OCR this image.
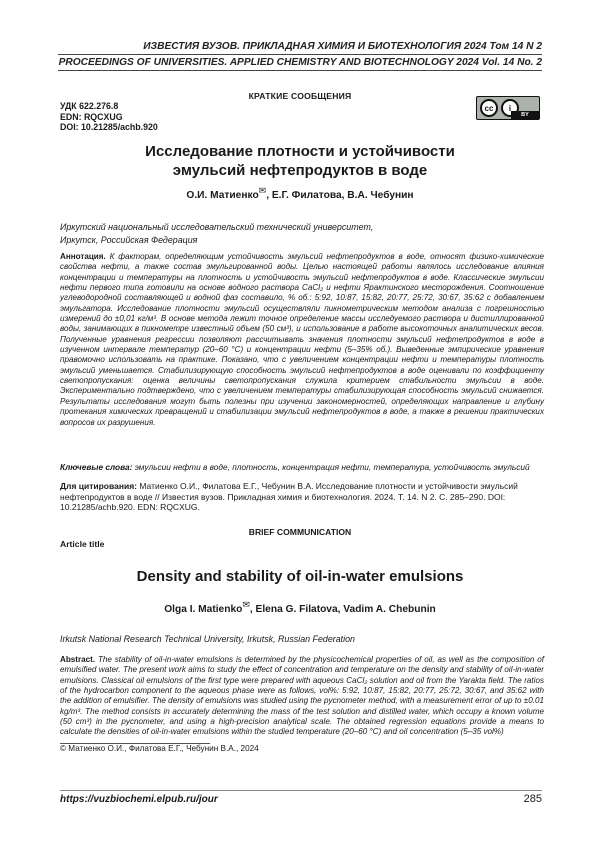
ИЗВЕСТИЯ ВУЗОВ. ПРИКЛАДНАЯ ХИМИЯ И БИОТЕХНОЛОГИЯ 2024 Том 14 N 2
PROCEEDINGS OF UNIVERSITIES. APPLIED CHEMISTRY AND BIOTECHNOLOGY 2024 Vol. 14 No. 2
КРАТКИЕ СООБЩЕНИЯ
УДК 622.276.8
EDN: RQCXUG
DOI: 10.21285/achb.920
cc	i
BY
Исследование плотности и устойчивости
эмульсий нефтепродуктов в воде
О.И. Матиенко✉, Е.Г. Филатова, В.А. Чебунин
Иркутский национальный исследовательский технический университет,
Иркутск, Российская Федерация
Аннотация. К факторам, определяющим устойчивость эмульсий нефтепродуктов в воде, относят физико-химические свойства нефти, а также состав эмульгированной воды. Целью настоящей работы являлось исследование влияния концентрации и температуры на плотность и устойчивость эмульсий нефтепродуктов в воде. Классические эмульсии нефти первого типа готовили на основе водного раствора CaCl₂ и нефти Ярактинского месторождения. Соотношение углеводородной составляющей и водной фаз составило, % об.: 5:92, 10:87, 15:82, 20:77, 25:72, 30:67, 35:62 с добавлением эмульгатора. Исследование плотности эмульсий осуществляли пикнометрическим методом анализа с погрешностью измерений до ±0,01 кг/м³. В основе метода лежит точное определение массы исследуемого раствора и дистиллированной воды, занимающих в пикнометре известный объем (50 см³), и использование в работе высокоточных аналитических весов. Полученные уравнения регрессии позволяют рассчитывать значения плотности эмульсий нефтепродуктов в воде в изученном интервале температур (20–60 °С) и концентрации нефти (5–35% об.). Выведенные эмпирические уравнения правомочно использовать на практике. Показано, что с увеличением концентрации нефти и температуры плотность эмульсий уменьшается. Стабилизирующую способность эмульсий нефтепродуктов в воде оценивали по коэффициенту светопропускания: оценка величины светопропускания служила критерием стабильности эмульсии в воде. Экспериментально подтверждено, что с увеличением температуры стабилизирующая способность эмульсий снижается. Результаты исследования могут быть полезны при изучении закономерностей, определяющих направление и глубину протекания химических превращений и стабилизации эмульсий нефтепродуктов в воде, а также в решении практических вопросов их разрушения.
Ключевые слова: эмульсии нефти в воде, плотность, концентрация нефти, температура, устойчивость эмульсий
Для цитирования: Матиенко О.И., Филатова Е.Г., Чебунин В.А. Исследование плотности и устойчивости эмульсий нефтепродуктов в воде // Известия вузов. Прикладная химия и биотехнология. 2024. Т. 14. N 2. С. 285–290. DOI: 10.21285/achb.920. EDN: RQCXUG.
BRIEF COMMUNICATION
Article title
Density and stability of oil-in-water emulsions
Olga I. Matienko✉, Elena G. Filatova, Vadim A. Chebunin
Irkutsk National Research Technical University, Irkutsk, Russian Federation
Abstract. The stability of oil-in-water emulsions is determined by the physicochemical properties of oil, as well as the composition of emulsified water. The present work aims to study the effect of concentration and temperature on the density and stability of oil-in-water emulsions. Classical oil emulsions of the first type were prepared with aqueous CaCl₂ solution and oil from the Yarakta field. The ratios of the hydrocarbon component to the aqueous phase were as follows, vol%: 5:92, 10:87, 15:82, 20:77, 25:72, 30:67, and 35:62 with the addition of emulsifier. The density of emulsions was studied using the pycnometer method, with a measurement error of up to ±0.01 kg/m³. The method consists in accurately determining the mass of the test solution and distilled water, which occupy a known volume (50 cm³) in the pycnometer, and using a high-precision analytical scale. The obtained regression equations provide a means to calculate the densities of oil-in-water emulsions within the studied temperature (20–60 °C) and oil concentration (5–35 vol%)
© Матиенко О.И., Филатова Е.Г., Чебунин В.А., 2024
https://vuzbiochemi.elpub.ru/jour	285
